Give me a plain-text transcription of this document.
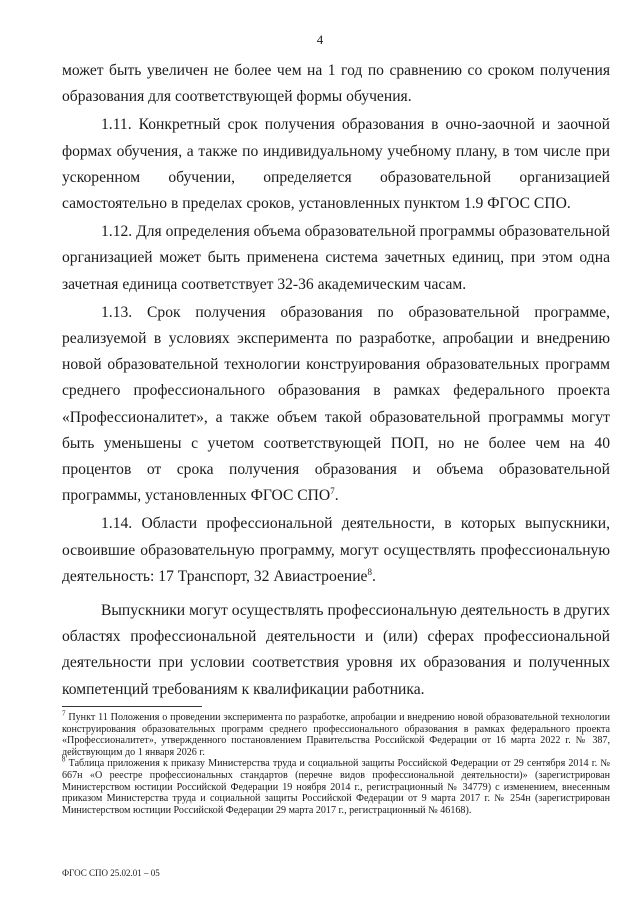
4

может быть увеличен не более чем на 1 год по сравнению со сроком получения образования для соответствующей формы обучения.

1.11. Конкретный срок получения образования в очно-заочной и заочной формах обучения, а также по индивидуальному учебному плану, в том числе при ускоренном обучении, определяется образовательной организацией самостоятельно в пределах сроков, установленных пунктом 1.9 ФГОС СПО.

1.12. Для определения объема образовательной программы образовательной организацией может быть применена система зачетных единиц, при этом одна зачетная единица соответствует 32-36 академическим часам.

1.13. Срок получения образования по образовательной программе, реализуемой в условиях эксперимента по разработке, апробации и внедрению новой образовательной технологии конструирования образовательных программ среднего профессионального образования в рамках федерального проекта «Профессионалитет», а также объем такой образовательной программы могут быть уменьшены с учетом соответствующей ПОП, но не более чем на 40 процентов от срока получения образования и объема образовательной программы, установленных ФГОС СПО$^7$.

1.14. Области профессиональной деятельности, в которых выпускники, освоившие образовательную программу, могут осуществлять профессиональную деятельность: 17 Транспорт, 32 Авиастроение$^8$.

Выпускники могут осуществлять профессиональную деятельность в других областях профессиональной деятельности и (или) сферах профессиональной деятельности при условии соответствия уровня их образования и полученных компетенций требованиям к квалификации работника.

$^7$ Пункт 11 Положения о проведении эксперимента по разработке, апробации и внедрению новой образовательной технологии конструирования образовательных программ среднего профессионального образования в рамках федерального проекта «Профессионалитет», утвержденного постановлением Правительства Российской Федерации от 16 марта 2022 г. № 387, действующим до 1 января 2026 г.

$^8$ Таблица приложения к приказу Министерства труда и социальной защиты Российской Федерации от 29 сентября 2014 г. № 667н «О реестре профессиональных стандартов (перечне видов профессиональной деятельности)» (зарегистрирован Министерством юстиции Российской Федерации 19 ноября 2014 г., регистрационный № 34779) с изменением, внесенным приказом Министерства труда и социальной защиты Российской Федерации от 9 марта 2017 г. № 254н (зарегистрирован Министерством юстиции Российской Федерации 29 марта 2017 г., регистрационный № 46168).

ФГОС СПО 25.02.01 – 05
